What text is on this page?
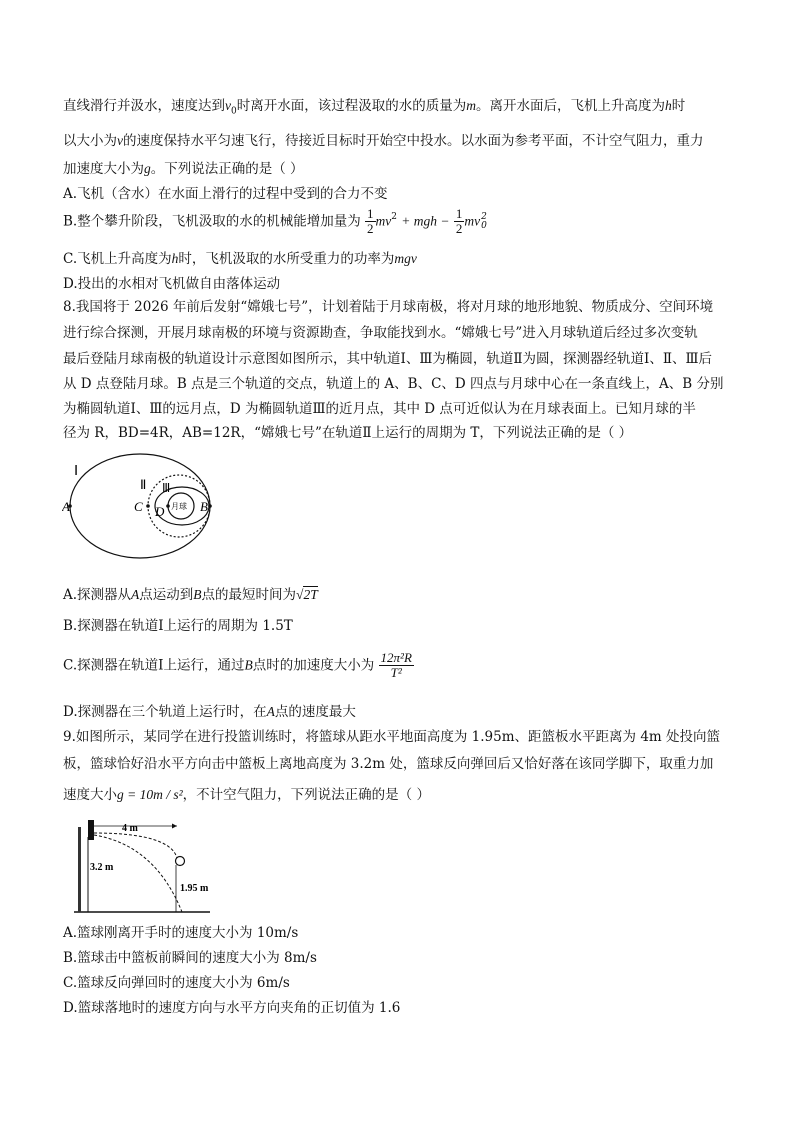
直线滑行并汲水，速度达到$v_0$时离开水面，该过程汲取的水的质量为m。离开水面后，飞机上升高度为h时
以大小为v的速度保持水平匀速飞行，待接近目标时开始空中投水。以水面为参考平面，不计空气阻力，重力
加速度大小为g。下列说法正确的是（ ）
A.飞机（含水）在水面上滑行的过程中受到的合力不变
B.整个攀升阶段，飞机汲取的水的机械能增加量为 $\frac{1}{2} mv^2$ + mgh − $\frac{1}{2} mv2$
0
C.飞机上升高度为h时，飞机汲取的水所受重力的功率为mgv
D.投出的水相对飞机做自由落体运动
8.我国将于 2026 年前后发射“嫦娥七号”，计划着陆于月球南极，将对月球的地形地貌、物质成分、空间环境
进行综合探测，开展月球南极的环境与资源勘查，争取能找到水。“嫦娥七号”进入月球轨道后经过多次变轨
最后登陆月球南极的轨道设计示意图如图所示，其中轨道Ⅰ、Ⅲ为椭圆，轨道Ⅱ为圆，探测器经轨道Ⅰ、Ⅱ、Ⅲ后
从 D 点登陆月球。B 点是三个轨道的交点，轨道上的 A、B、C、D 四点与月球中心在一条直线上，A、B 分别
为椭圆轨道Ⅰ、Ⅲ的远月点，D 为椭圆轨道Ⅲ的近月点，其中 D 点可近似认为在月球表面上。已知月球的半
径为 R，BD=4R，AB=12R，“嫦娥七号”在轨道Ⅱ上运行的周期为 T，下列说法正确的是（ ）
Ⅰ
Ⅱ Ⅲ
A	C D	B
月球
A.探测器从A点运动到B点的最短时间为√2T
B.探测器在轨道Ⅰ上运行的周期为 1.5T
C.探测器在轨道Ⅰ上运行，通过B点时的加速度大小为 $\frac{\text{12π²R}}{\text{T²}}$
D.探测器在三个轨道上运行时，在A点的速度最大
9.如图所示，某同学在进行投篮训练时，将篮球从距水平地面高度为 1.95m、距篮板水平距离为 4m 处投向篮
板，篮球恰好沿水平方向击中篮板上离地高度为 3.2m 处，篮球反向弹回后又恰好落在该同学脚下，取重力加
速度大小g = 10m / s²，不计空气阻力，下列说法正确的是（ ）
4 m
3.2 m
1.95 m
A.篮球刚离开手时的速度大小为 10m/s
B.篮球击中篮板前瞬间的速度大小为 8m/s
C.篮球反向弹回时的速度大小为 6m/s
D.篮球落地时的速度方向与水平方向夹角的正切值为 1.6
